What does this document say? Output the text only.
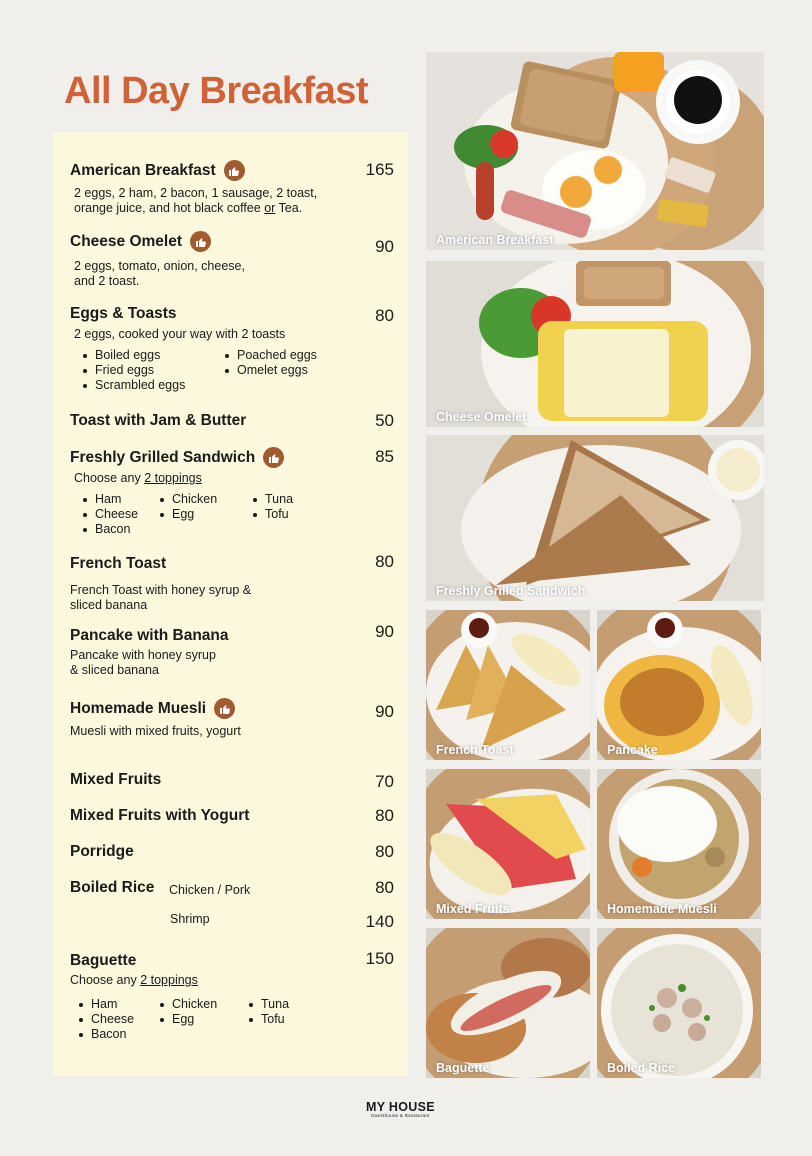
All Day Breakfast
American Breakfast	165
2 eggs, 2 ham, 2 bacon, 1 sausage, 2 toast,
orange juice, and hot black coffee or Tea.
Cheese Omelet	90
2 eggs, tomato, onion, cheese,
and 2 toast.
Eggs & Toasts	80
2 eggs, cooked your way with 2 toasts
Boiled eggs
Fried eggs
Scrambled eggs
Poached eggs
Omelet eggs
Toast with Jam & Butter	50
Freshly Grilled Sandwich	85
Choose any 2 toppings
Ham
Cheese
Bacon
Chicken
Egg
Tuna
Tofu
French Toast	80
French Toast with honey syrup &
sliced banana
Pancake with Banana	90
Pancake with honey syrup
& sliced banana
Homemade Muesli	90
Muesli with mixed fruits, yogurt
Mixed Fruits	70
Mixed Fruits with Yogurt	80
Porridge	80
Boiled Rice Chicken / Pork	80
Shrimp	140
Baguette	150
Choose any 2 toppings
Ham
Cheese
Bacon
Chicken
Egg
Tuna
Tofu
American Breakfast
Cheese Omelet
Freshly Grilled Sandwich
French Toast	Pancake
Mixed Fruits	Homemade Muesli
Baguette	Boiled Rice
MY HOUSE
Guesthouse & Restaurant
